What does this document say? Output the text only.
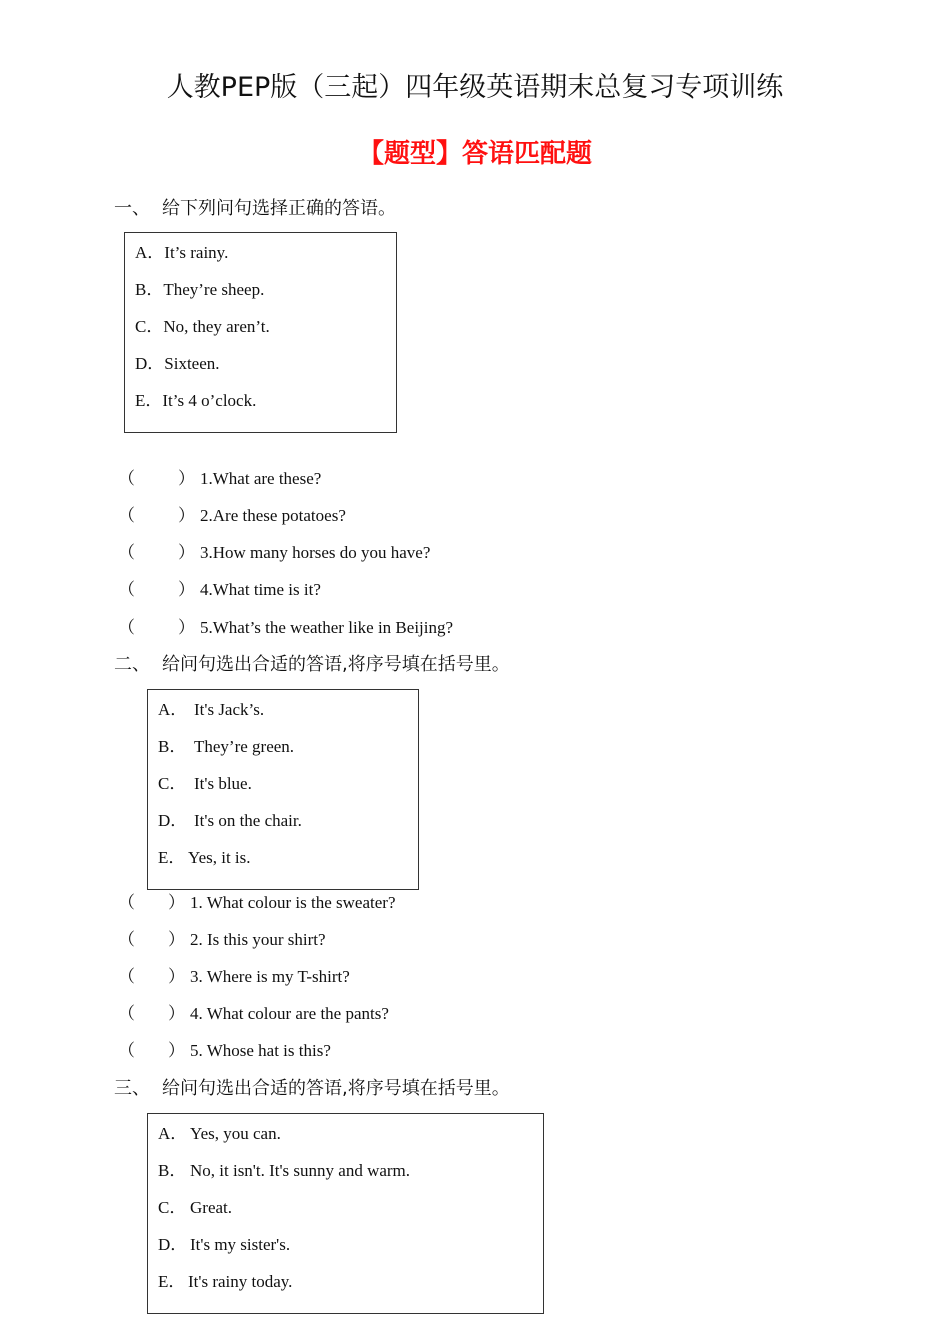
人教PEP版（三起）四年级英语期末总复习专项训练
【题型】答语匹配题
一、 给下列问句选择正确的答语。
A．It’s rainy.
B．They’re sheep.
C．No, they aren’t.
D．Sixteen.
E．It’s 4 o’clock.
（	） 1.What are these?
（	） 2.Are these potatoes?
（	） 3.How many horses do you have?
（	） 4.What time is it?
（	） 5.What’s the weather like in Beijing?
二、 给问句选出合适的答语,将序号填在括号里。
A． It's Jack’s.
B． They’re green.
C． It's blue.
D． It's on the chair.
E． Yes, it is.
（ ） 1. What colour is the sweater?
（ ） 2. Is this your shirt?
（ ） 3. Where is my T-shirt?
（ ） 4. What colour are the pants?
（ ） 5. Whose hat is this?
三、 给问句选出合适的答语,将序号填在括号里。
A． Yes, you can.
B． No, it isn't. It's sunny and warm.
C． Great.
D． It's my sister's.
E． It's rainy today.
